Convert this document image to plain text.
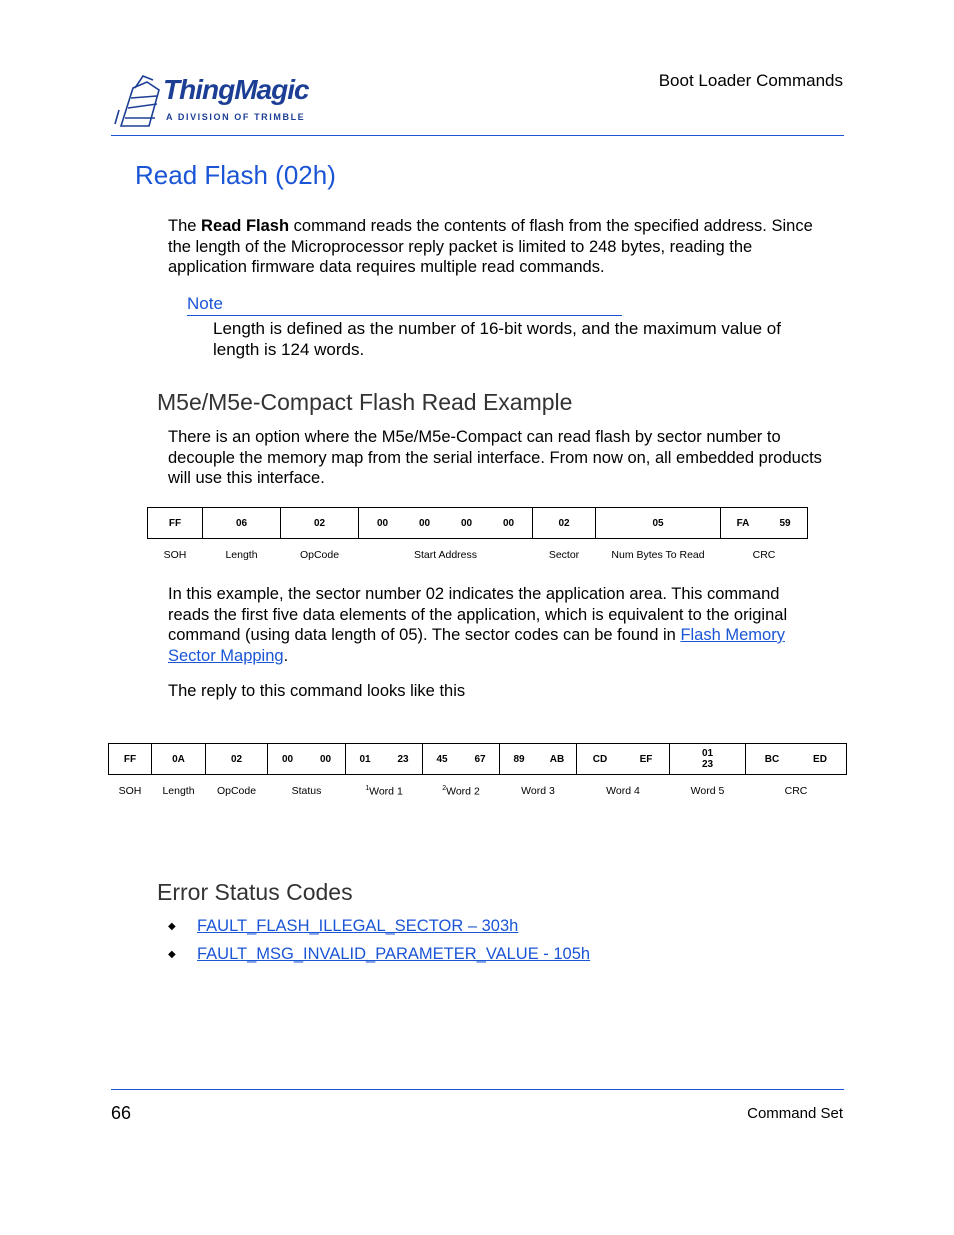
ThingMagic
A DIVISION OF TRIMBLE
Boot Loader Commands
Read Flash (02h)
The Read Flash command reads the contents of flash from the specified address. Since
the length of the Microprocessor reply packet is limited to 248 bytes, reading the
application firmware data requires multiple read commands.
Note
Length is defined as the number of 16-bit words, and the maximum value of
length is 124 words.
M5e/M5e-Compact Flash Read Example
There is an option where the M5e/M5e-Compact can read flash by sector number to
decouple the memory map from the serial interface. From now on, all embedded products
will use this interface.
FF	06	02	00 00 00 00	02	05	FA 59
SOH	Length	OpCode	Start Address	Sector	Num Bytes To Read	CRC
In this example, the sector number 02 indicates the application area. This command
reads the first five data elements of the application, which is equivalent to the original
command (using data length of 05). The sector codes can be found in Flash Memory
Sector Mapping.
The reply to this command looks like this
FF	0A	02	00 00	01 23	45 67	89 AB	CD EF	0123	BC ED
SOH	Length	OpCode	Status	$^1$Word 1	$^2$Word 2	Word 3	Word 4	Word 5	CRC
Error Status Codes
◆ FAULT_FLASH_ILLEGAL_SECTOR – 303h
◆ FAULT_MSG_INVALID_PARAMETER_VALUE - 105h
66	Command Set
